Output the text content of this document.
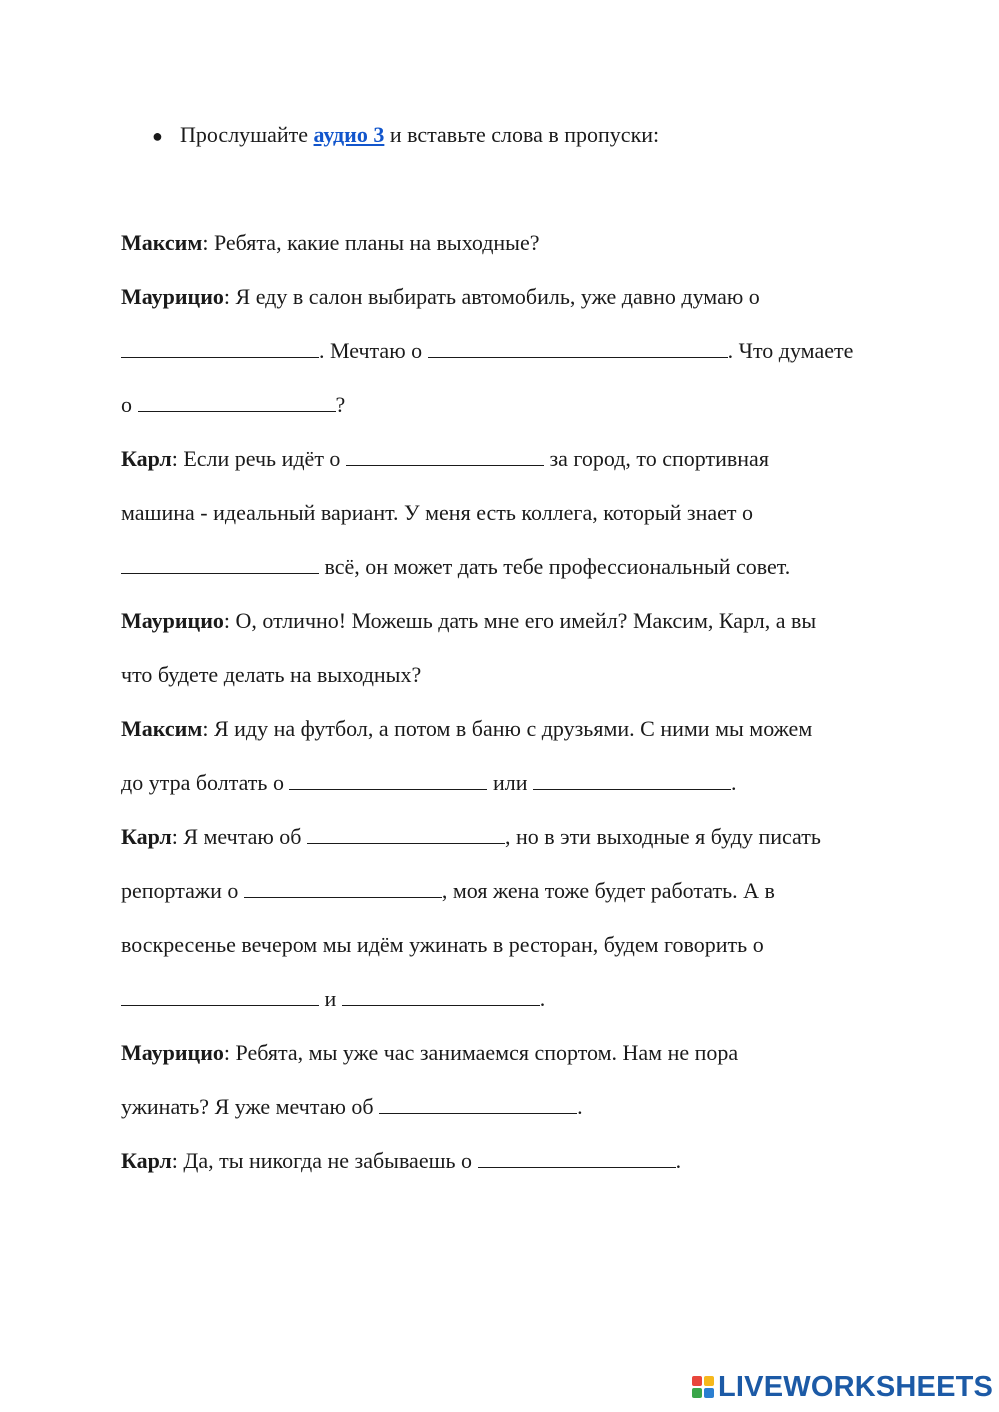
● Прослушайте аудио 3 и вставьте слова в пропуски:
Максим: Ребята, какие планы на выходные?
Маурицио: Я еду в салон выбирать автомобиль, уже давно думаю о
. Мечтаю о	. Что думаете
о	?
Карл: Если речь идёт о	за город, то спортивная
машина - идеальный вариант. У меня есть коллега, который знает о
всё, он может дать тебе профессиональный совет.
Маурицио: О, отлично! Можешь дать мне его имейл? Максим, Карл, а вы
что будете делать на выходных?
Максим: Я иду на футбол, а потом в баню с друзьями. С ними мы можем
до утра болтать о	или	.
Карл: Я мечтаю об	, но в эти выходные я буду писать
репортажи о	, моя жена тоже будет работать. А в
воскресенье вечером мы идём ужинать в ресторан, будем говорить о
и	.
Маурицио: Ребята, мы уже час занимаемся спортом. Нам не пора
ужинать? Я уже мечтаю об	.
Карл: Да, ты никогда не забываешь о	.
LIVEWORKSHEETS
